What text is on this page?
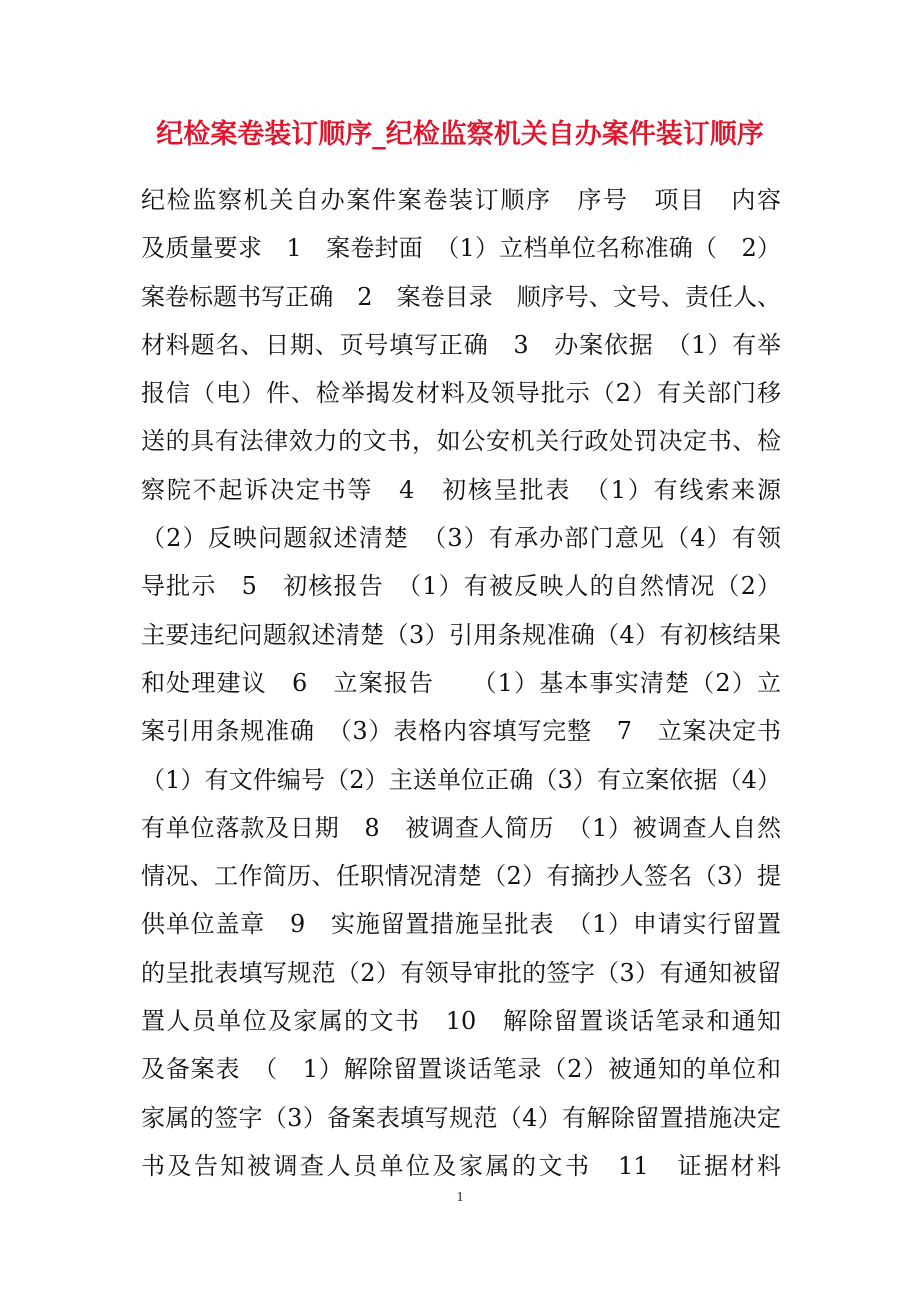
纪检案卷装订顺序_纪检监察机关自办案件装订顺序
纪检监察机关自办案件案卷装订顺序　序号　项目　内容
及质量要求　1　案卷封面　（1）立档单位名称准确（　2）
案卷标题书写正确　2　案卷目录　顺序号、文号、责任人、
材料题名、日期、页号填写正确　3　办案依据　（1）有举
报信（电）件、检举揭发材料及领导批示（2）有关部门移
送的具有法律效力的文书，如公安机关行政处罚决定书、检
察院不起诉决定书等　4　初核呈批表　（1）有线索来源
（2）反映问题叙述清楚　（3）有承办部门意见（4）有领
导批示　5　初核报告　（1）有被反映人的自然情况（2）
主要违纪问题叙述清楚（3）引用条规准确（4）有初核结果
和处理建议　6　立案报告　　（1）基本事实清楚（2）立
案引用条规准确　（3）表格内容填写完整　7　立案决定书
（1）有文件编号（2）主送单位正确（3）有立案依据（4）
有单位落款及日期　8　被调查人简历　（1）被调查人自然
情况、工作简历、任职情况清楚（2）有摘抄人签名（3）提
供单位盖章　9　实施留置措施呈批表　（1）申请实行留置
的呈批表填写规范（2）有领导审批的签字（3）有通知被留
置人员单位及家属的文书　10　解除留置谈话笔录和通知
及备案表　（　1）解除留置谈话笔录（2）被通知的单位和
家属的签字（3）备案表填写规范（4）有解除留置措施决定
书及告知被调查人员单位及家属的文书　11　证据材料
1
